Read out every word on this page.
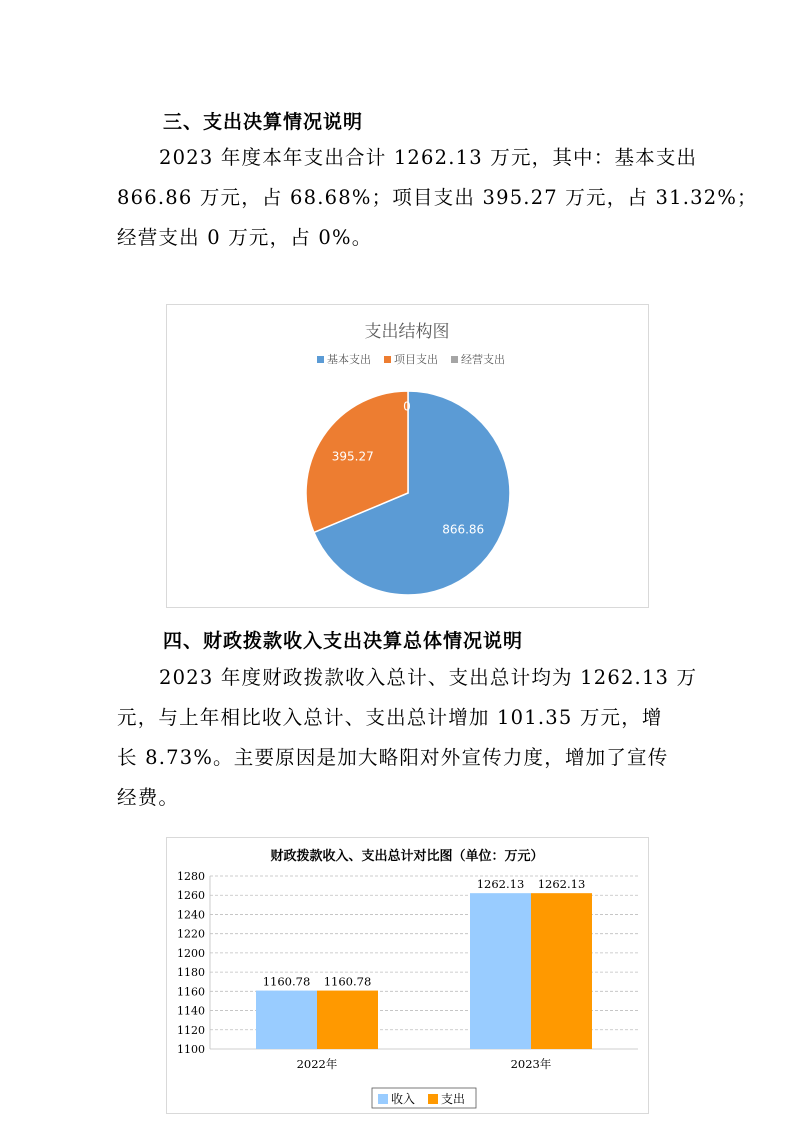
三、支出决算情况说明
2023 年度本年支出合计 1262.13 万元，其中：基本支出
866.86 万元，占 68.68%；项目支出 395.27 万元，占 31.32%；
经营支出 0 万元，占 0%。
支出结构图
基本支出 项目支出 经营支出
866.86
395.27
0
四、财政拨款收入支出决算总体情况说明
2023 年度财政拨款收入总计、支出总计均为 1262.13 万
元，与上年相比收入总计、支出总计增加 101.35 万元，增
长 8.73%。主要原因是加大略阳对外宣传力度，增加了宣传
经费。
财政拨款收入、支出总计对比图（单位：万元）
1100
1120
1140
1160
1180
1200
1220
1240
1260
1280
1160.78 1160.78
1262.13 1262.13
2022年	2023年
收入 支出
